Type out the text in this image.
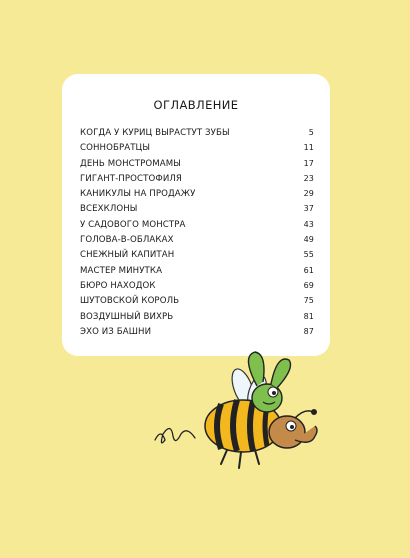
ОГЛАВЛЕНИЕ
КОГДА У КУРИЦ ВЫРАСТУТ ЗУБЫ	5
СОННОБРАТЦЫ	11
ДЕНЬ МОНСТРОМАМЫ	17
ГИГАНТ-ПРОСТОФИЛЯ	23
КАНИКУЛЫ НА ПРОДАЖУ	29
ВСЕХКЛОНЫ	37
У САДОВОГО МОНСТРА	43
ГОЛОВА-В-ОБЛАКАХ	49
СНЕЖНЫЙ КАПИТАН	55
МАСТЕР МИНУТКА	61
БЮРО НАХОДОК	69
ШУТОВСКОЙ КОРОЛЬ	75
ВОЗДУШНЫЙ ВИХРЬ	81
ЭХО ИЗ БАШНИ	87
